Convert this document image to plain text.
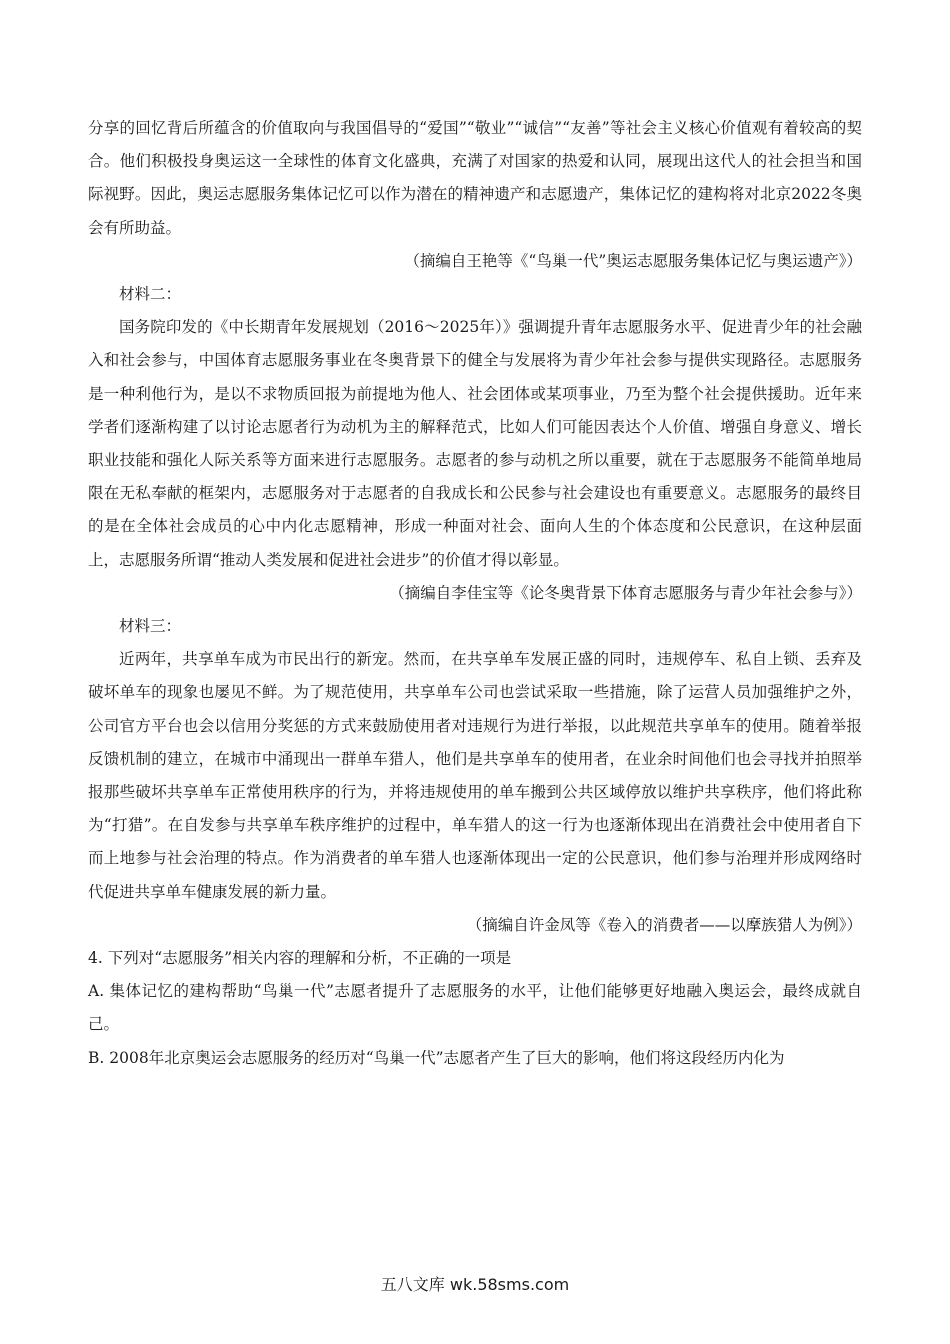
分享的回忆背后所蕴含的价值取向与我国倡导的“爱国”“敬业”“诚信”“友善”等社会主义核心价值观有着较高的契合。他们积极投身奥运这一全球性的体育文化盛典，充满了对国家的热爱和认同，展现出这代人的社会担当和国际视野。因此，奥运志愿服务集体记忆可以作为潜在的精神遗产和志愿遗产，集体记忆的建构将对北京2022冬奥会有所助益。

（摘编自王艳等《“鸟巢一代”奥运志愿服务集体记忆与奥运遗产》）

材料二：

国务院印发的《中长期青年发展规划（2016～2025年）》强调提升青年志愿服务水平、促进青少年的社会融入和社会参与，中国体育志愿服务事业在冬奥背景下的健全与发展将为青少年社会参与提供实现路径。志愿服务是一种利他行为，是以不求物质回报为前提地为他人、社会团体或某项事业，乃至为整个社会提供援助。近年来学者们逐渐构建了以讨论志愿者行为动机为主的解释范式，比如人们可能因表达个人价值、增强自身意义、增长职业技能和强化人际关系等方面来进行志愿服务。志愿者的参与动机之所以重要，就在于志愿服务不能简单地局限在无私奉献的框架内，志愿服务对于志愿者的自我成长和公民参与社会建设也有重要意义。志愿服务的最终目的是在全体社会成员的心中内化志愿精神，形成一种面对社会、面向人生的个体态度和公民意识，在这种层面上，志愿服务所谓“推动人类发展和促进社会进步”的价值才得以彰显。

（摘编自李佳宝等《论冬奥背景下体育志愿服务与青少年社会参与》）

材料三：

近两年，共享单车成为市民出行的新宠。然而，在共享单车发展正盛的同时，违规停车、私自上锁、丢弃及破坏单车的现象也屡见不鲜。为了规范使用，共享单车公司也尝试采取一些措施，除了运营人员加强维护之外，公司官方平台也会以信用分奖惩的方式来鼓励使用者对违规行为进行举报，以此规范共享单车的使用。随着举报反馈机制的建立，在城市中涌现出一群单车猎人，他们是共享单车的使用者，在业余时间他们也会寻找并拍照举报那些破坏共享单车正常使用秩序的行为，并将违规使用的单车搬到公共区域停放以维护共享秩序，他们将此称为“打猎”。在自发参与共享单车秩序维护的过程中，单车猎人的这一行为也逐渐体现出在消费社会中使用者自下而上地参与社会治理的特点。作为消费者的单车猎人也逐渐体现出一定的公民意识，他们参与治理并形成网络时代促进共享单车健康发展的新力量。

（摘编自许金凤等《卷入的消费者——以摩族猎人为例》）

4. 下列对“志愿服务”相关内容的理解和分析，不正确的一项是

A. 集体记忆的建构帮助“鸟巢一代”志愿者提升了志愿服务的水平，让他们能够更好地融入奥运会，最终成就自己。

B. 2008年北京奥运会志愿服务的经历对“鸟巢一代”志愿者产生了巨大的影响，他们将这段经历内化为

五八文库 wk.58sms.com
